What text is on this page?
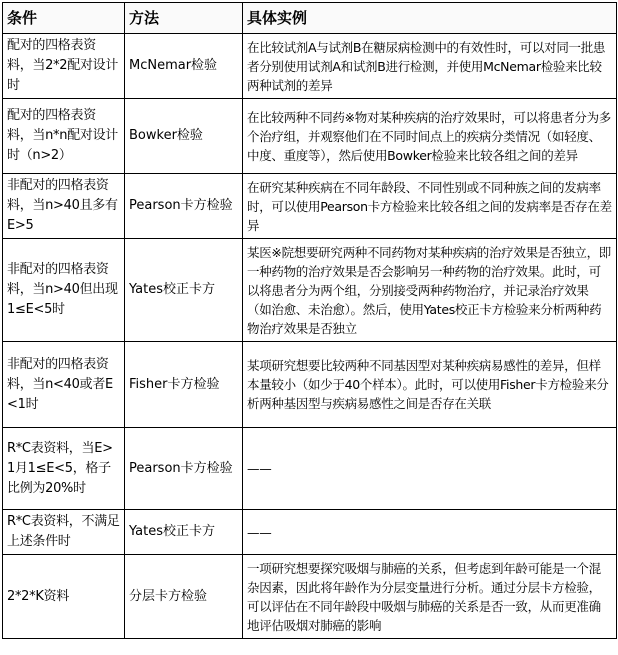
条件	方法	具体实例
配对的四格表资料，当2*2配对设计时	McNemar检验	在比较试剂A与试剂B在糖尿病检测中的有效性时，可以对同一批患者分别使用试剂A和试剂B进行检测，并使用McNemar检验来比较两种试剂的差异
配对的四格表资料，当n*n配对设计时（n>2）	Bowker检验	在比较两种不同药※物对某种疾病的治疗效果时，可以将患者分为多个治疗组，并观察他们在不同时间点上的疾病分类情况（如轻度、中度、重度等），然后使用Bowker检验来比较各组之间的差异
非配对的四格表资料，当n>40且多有E>5	Pearson卡方检验	在研究某种疾病在不同年龄段、不同性别或不同种族之间的发病率时，可以使用Pearson卡方检验来比较各组之间的发病率是否存在差异
非配对的四格表资料，当n>40但出现1≤E<5时	Yates校正卡方	某医※院想要研究两种不同药物对某种疾病的治疗效果是否独立，即一种药物的治疗效果是否会影响另一种药物的治疗效果。此时，可以将患者分为两个组，分别接受两种药物治疗，并记录治疗效果（如治愈、未治愈）。然后，使用Yates校正卡方检验来分析两种药物治疗效果是否独立
非配对的四格表资料，当n<40或者E<1时	Fisher卡方检验	某项研究想要比较两种不同基因型对某种疾病易感性的差异，但样本量较小（如少于40个样本）。此时，可以使用Fisher卡方检验来分析两种基因型与疾病易感性之间是否存在关联
R*C表资料，当E>1月1≤E<5，格子比例为20%时	Pearson卡方检验	——
R*C表资料，不满足上述条件时	Yates校正卡方	——
2*2*K资料	分层卡方检验	一项研究想要探究吸烟与肺癌的关系，但考虑到年龄可能是一个混杂因素，因此将年龄作为分层变量进行分析。通过分层卡方检验，可以评估在不同年龄段中吸烟与肺癌的关系是否一致，从而更准确地评估吸烟对肺癌的影响
